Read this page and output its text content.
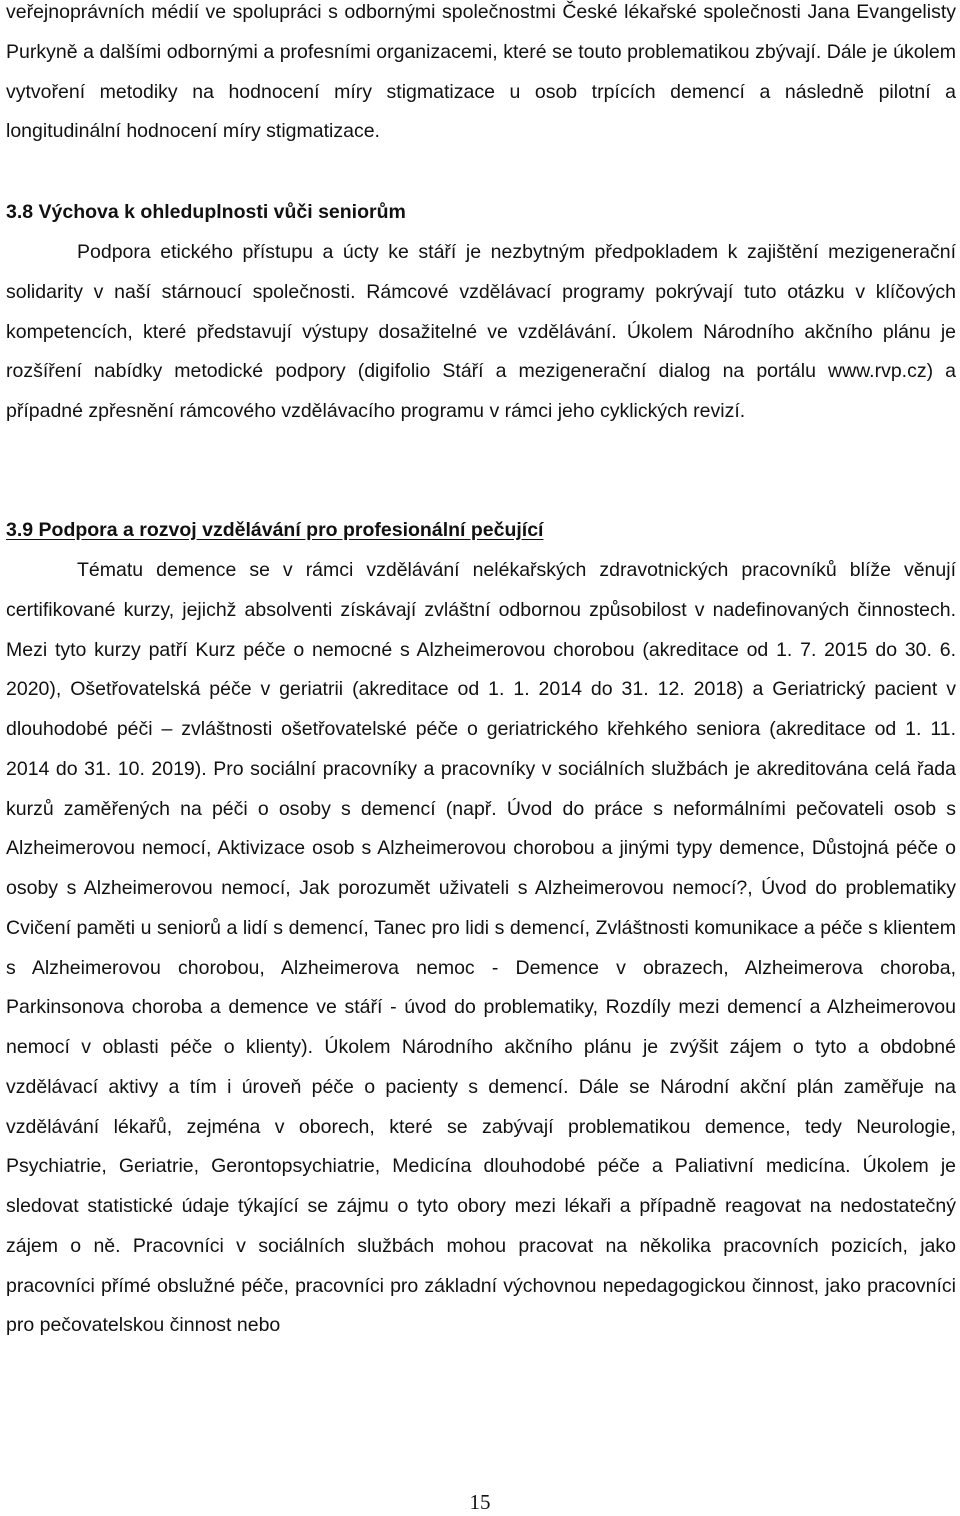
veřejnoprávních médií ve spolupráci s odbornými společnostmi České lékařské společnosti Jana Evangelisty Purkyně a dalšími odbornými a profesními organizacemi, které se touto problematikou zbývají. Dále je úkolem vytvoření metodiky na hodnocení míry stigmatizace u osob trpících demencí a následně pilotní a longitudinální hodnocení míry stigmatizace.

3.8 Výchova k ohleduplnosti vůči seniorům

Podpora etického přístupu a úcty ke stáří je nezbytným předpokladem k zajištění mezigenerační solidarity v naší stárnoucí společnosti. Rámcové vzdělávací programy pokrývají tuto otázku v klíčových kompetencích, které představují výstupy dosažitelné ve vzdělávání. Úkolem Národního akčního plánu je rozšíření nabídky metodické podpory (digifolio Stáří a mezigenerační dialog na portálu www.rvp.cz) a případné zpřesnění rámcového vzdělávacího programu v rámci jeho cyklických revizí.

3.9 Podpora a rozvoj vzdělávání pro profesionální pečující

Tématu demence se v rámci vzdělávání nelékařských zdravotnických pracovníků blíže věnují certifikované kurzy, jejichž absolventi získávají zvláštní odbornou způsobilost v nadefinovaných činnostech. Mezi tyto kurzy patří Kurz péče o nemocné s Alzheimerovou chorobou (akreditace od 1. 7. 2015 do 30. 6. 2020), Ošetřovatelská péče v geriatrii (akreditace od 1. 1. 2014 do 31. 12. 2018) a Geriatrický pacient v dlouhodobé péči – zvláštnosti ošetřovatelské péče o geriatrického křehkého seniora (akreditace od 1. 11. 2014 do 31. 10. 2019). Pro sociální pracovníky a pracovníky v sociálních službách je akreditována celá řada kurzů zaměřených na péči o osoby s demencí (např. Úvod do práce s neformálními pečovateli osob s Alzheimerovou nemocí, Aktivizace osob s Alzheimerovou chorobou a jinými typy demence, Důstojná péče o osoby s Alzheimerovou nemocí, Jak porozumět uživateli s Alzheimerovou nemocí?, Úvod do problematiky Cvičení paměti u seniorů a lidí s demencí, Tanec pro lidi s demencí, Zvláštnosti komunikace a péče s klientem s Alzheimerovou chorobou, Alzheimerova nemoc - Demence v obrazech, Alzheimerova choroba, Parkinsonova choroba a demence ve stáří - úvod do problematiky, Rozdíly mezi demencí a Alzheimerovou nemocí v oblasti péče o klienty). Úkolem Národního akčního plánu je zvýšit zájem o tyto a obdobné vzdělávací aktivy a tím i úroveň péče o pacienty s demencí. Dále se Národní akční plán zaměřuje na vzdělávání lékařů, zejména v oborech, které se zabývají problematikou demence, tedy Neurologie, Psychiatrie, Geriatrie, Gerontopsychiatrie, Medicína dlouhodobé péče a Paliativní medicína. Úkolem je sledovat statistické údaje týkající se zájmu o tyto obory mezi lékaři a případně reagovat na nedostatečný zájem o ně. Pracovníci v sociálních službách mohou pracovat na několika pracovních pozicích, jako pracovníci přímé obslužné péče, pracovníci pro základní výchovnou nepedagogickou činnost, jako pracovníci pro pečovatelskou činnost nebo

15
